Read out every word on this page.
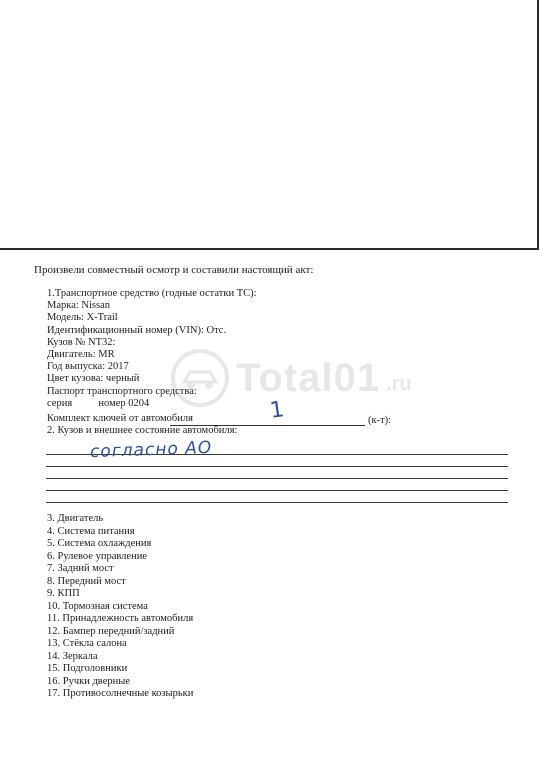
Total01 .ru
Произвели совместный осмотр и составили настоящий акт:
1.Транспортное средство (годные остатки ТС):
Марка: Nissan
Модель: X-Trail
Идентификационный номер (VIN): Отс.
Кузов № NT32:
Двигатель: MR
Год выпуска: 2017
Цвет кузова: черный
Паспорт транспортного средства:
серия          номер 0204
Комплект ключей от автомобиля	1	(к-т):
2. Кузов и внешнее состояние автомобиля:
согласно АО
3. Двигатель
4. Система питания
5. Система охлаждения
6. Рулевое управление
7. Задний мост
8. Передний мост
9. КПП
10. Тормозная система
11. Принадлежность автомобиля
12. Бампер передний/задний
13. Стёкла салона
14. Зеркала
15. Подголовники
16. Ручки дверные
17. Противосолнечные козырьки
